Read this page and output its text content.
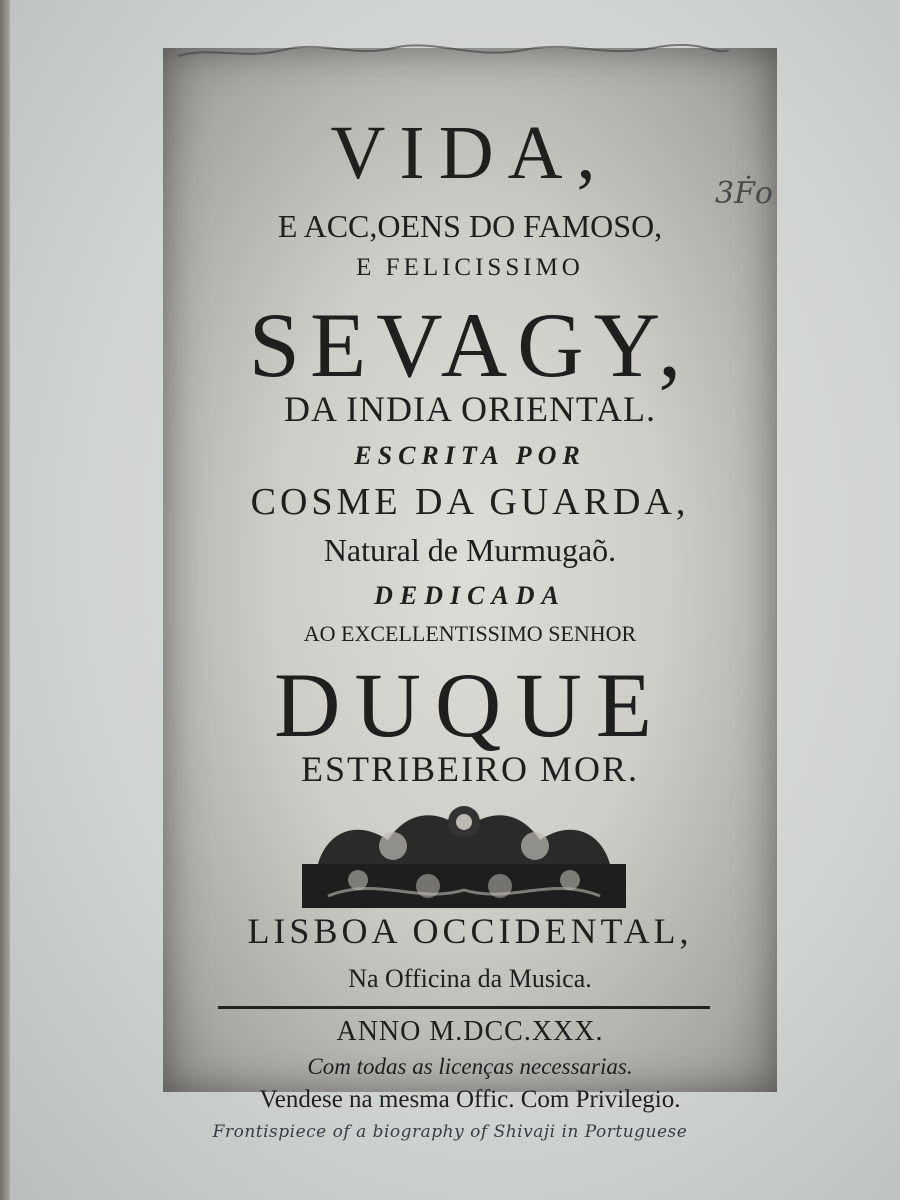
3Ḟo
VIDA,
E ACC,OENS DO FAMOSO,
E FELICISSIMO
SEVAGY,
DA INDIA ORIENTAL.
ESCRITA POR
COSME DA GUARDA,
Natural de Murmugaõ.
DEDICADA
AO EXCELLENTISSIMO SENHOR
DUQUE
ESTRIBEIRO MOR.
LISBOA OCCIDENTAL,
Na Officina da Musica.
ANNO M.DCC.XXX.
Com todas as licenças necessarias.
Vendese na mesma Offic. Com Privilegio.
Frontispiece of a biography of Shivaji in Portuguese
